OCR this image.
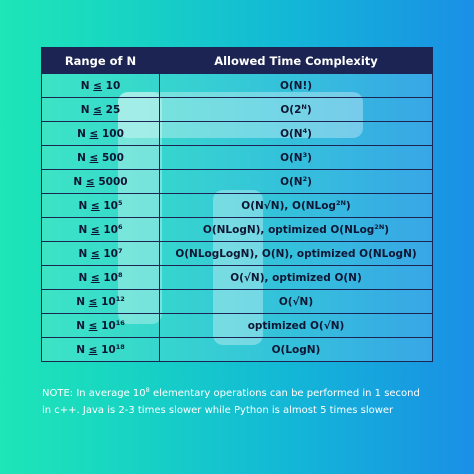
Range of N	Allowed Time Complexity
N ≤ 10	O(N!)
N ≤ 25	$O(2^N)$
N ≤ 100	$O(N^4)$
N ≤ 500	$O(N^3)$
N ≤ 5000	$O(N^2)$
$N \le 10^5$	O(N√N), O(NLog$^{2N}$)
$N \le 10^6$	O(NLogN), optimized O(NLog$^{2N}$)
$N \le 10^7$	O(NLogLogN), O(N), optimized O(NLogN)
$N \le 10^8$	O(√N), optimized O(N)
$N \le 10^{12}$	O(√N)
$N \le 10^{16}$	optimized O(√N)
$N \le 10^{18}$	O(LogN)
NOTE: In average $10^8$ elementary operations can be performed in 1 second
in c++. Java is 2-3 times slower while Python is almost 5 times slower
